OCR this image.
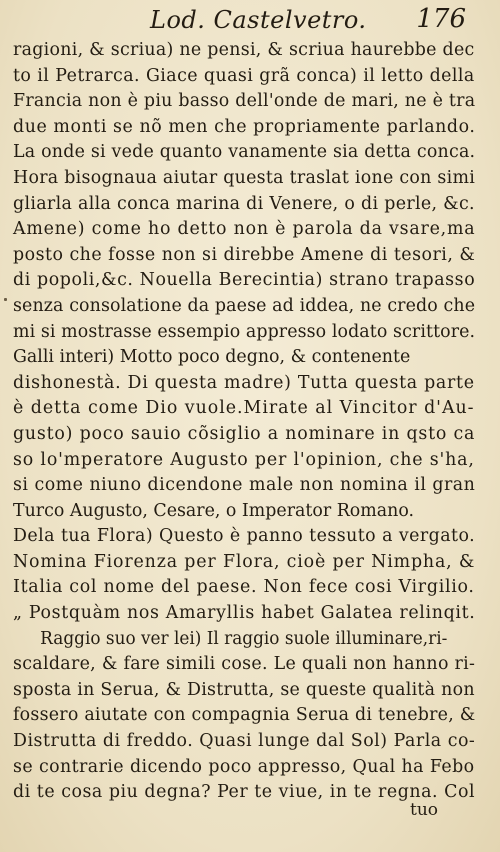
Lod. Castelvetro. 176
ragioni, & scriua) ne pensi, & scriua haurebbe dec
to il Petrarca. Giace quasi grã conca) il letto della
Francia non è piu basso dell'onde de mari, ne è tra
due monti se nõ men che propriamente parlando.
La onde si vede quanto vanamente sia detta conca.
Hora bisognaua aiutar questa traslat ione con simi
gliarla alla conca marina di Venere, o di perle, &c.
Amene) come ho detto non è parola da vsare,ma
posto che fosse non si direbbe Amene di tesori, &
di popoli,&c. Nouella Berecintia) strano trapasso
senza consolatione da paese ad iddea, ne credo che
mi si mostrasse essempio appresso lodato scrittore.
Galli interi) Motto poco degno, & contenente
dishonestà. Di questa madre) Tutta questa parte
è detta come Dio vuole.Mirate al Vincitor d'Au-
gusto) poco sauio cõsiglio a nominare in qsto ca
so lo'mperatore Augusto per l'opinion, che s'ha,
si come niuno dicendone male non nomina il gran
Turco Augusto, Cesare, o Imperator Romano.
Dela tua Flora) Questo è panno tessuto a vergato.
Nomina Fiorenza per Flora, cioè per Nimpha, &
Italia col nome del paese. Non fece cosi Virgilio.
„ Postquàm nos Amaryllis habet Galatea relinqit.
Raggio suo ver lei) Il raggio suole illuminare,ri-
scaldare, & fare simili cose. Le quali non hanno ri-
sposta in Serua, & Distrutta, se queste qualità non
fossero aiutate con compagnia Serua di tenebre, &
Distrutta di freddo. Quasi lunge dal Sol) Parla co-
se contrarie dicendo poco appresso, Qual ha Febo
di te cosa piu degna? Per te viue, in te regna. Col
tuo
